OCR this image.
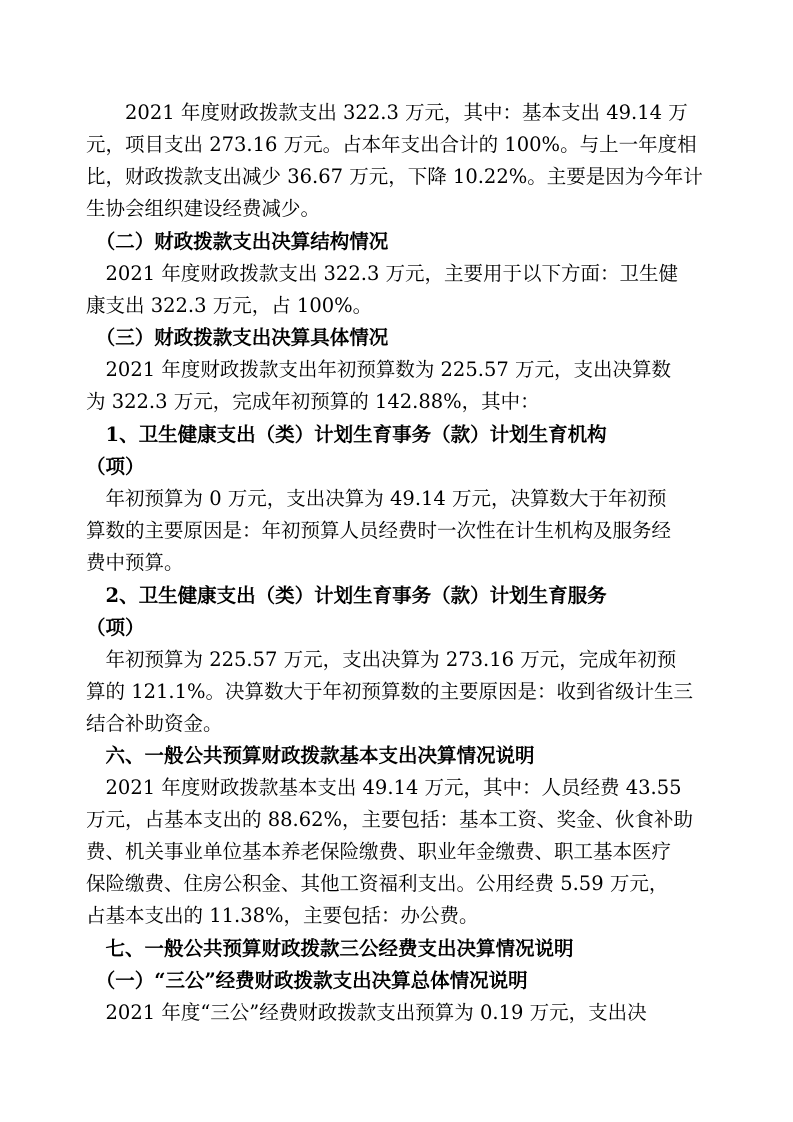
　　2021 年度财政拨款支出 322.3 万元，其中：基本支出 49.14 万
元，项目支出 273.16 万元。占本年支出合计的 100%。与上一年度相
比，财政拨款支出减少 36.67 万元，下降 10.22%。主要是因为今年计
生协会组织建设经费减少。
　（二）财政拨款支出决算结构情况
　2021 年度财政拨款支出 322.3 万元，主要用于以下方面：卫生健
康支出 322.3 万元，占 100%。
　（三）财政拨款支出决算具体情况
　2021 年度财政拨款支出年初预算数为 225.57 万元，支出决算数
为 322.3 万元，完成年初预算的 142.88%，其中：
　1、卫生健康支出（类）计划生育事务（款）计划生育机构
（项）
　年初预算为 0 万元，支出决算为 49.14 万元，决算数大于年初预
算数的主要原因是：年初预算人员经费时一次性在计生机构及服务经
费中预算。
　2、卫生健康支出（类）计划生育事务（款）计划生育服务
（项）
　年初预算为 225.57 万元，支出决算为 273.16 万元，完成年初预
算的 121.1%。决算数大于年初预算数的主要原因是：收到省级计生三
结合补助资金。
　六、一般公共预算财政拨款基本支出决算情况说明
　2021 年度财政拨款基本支出 49.14 万元，其中：人员经费 43.55
万元，占基本支出的 88.62%，主要包括：基本工资、奖金、伙食补助
费、机关事业单位基本养老保险缴费、职业年金缴费、职工基本医疗
保险缴费、住房公积金、其他工资福利支出。公用经费 5.59 万元，
占基本支出的 11.38%，主要包括：办公费。
　七、一般公共预算财政拨款三公经费支出决算情况说明
　（一）“三公”经费财政拨款支出决算总体情况说明
　2021 年度“三公”经费财政拨款支出预算为 0.19 万元，支出决
